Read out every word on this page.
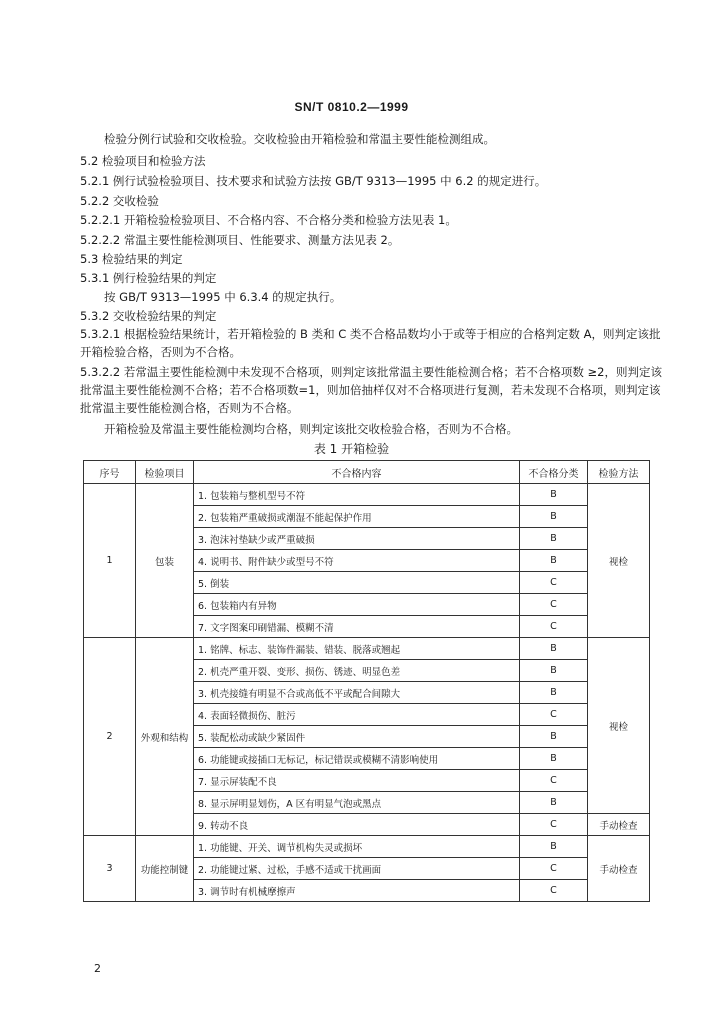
SN/T 0810.2—1999
检验分例行试验和交收检验。交收检验由开箱检验和常温主要性能检测组成。
5.2 检验项目和检验方法
5.2.1 例行试验检验项目、技术要求和试验方法按 GB/T 9313—1995 中 6.2 的规定进行。
5.2.2 交收检验
5.2.2.1 开箱检验检验项目、不合格内容、不合格分类和检验方法见表 1。
5.2.2.2 常温主要性能检测项目、性能要求、测量方法见表 2。
5.3 检验结果的判定
5.3.1 例行检验结果的判定
按 GB/T 9313—1995 中 6.3.4 的规定执行。
5.3.2 交收检验结果的判定
5.3.2.1 根据检验结果统计，若开箱检验的 B 类和 C 类不合格品数均小于或等于相应的合格判定数 A，则判定该批开箱检验合格，否则为不合格。
5.3.2.2 若常温主要性能检测中未发现不合格项，则判定该批常温主要性能检测合格；若不合格项数 ≥2，则判定该批常温主要性能检测不合格；若不合格项数=1，则加倍抽样仅对不合格项进行复测，若未发现不合格项，则判定该批常温主要性能检测合格，否则为不合格。
开箱检验及常温主要性能检测均合格，则判定该批交收检验合格，否则为不合格。
表 1 开箱检验
序号	检验项目	不合格内容	不合格分类	检验方法
1	包装	1. 包装箱与整机型号不符	B	视检
		2. 包装箱严重破损或潮湿不能起保护作用	B	
		3. 泡沫衬垫缺少或严重破损	B	
		4. 说明书、附件缺少或型号不符	B	
		5. 倒装	C	
		6. 包装箱内有异物	C	
		7. 文字图案印刷错漏、模糊不清	C	
2	外观和结构	1. 铭牌、标志、装饰件漏装、错装、脱落或翘起	B	视检
		2. 机壳严重开裂、变形、损伤、锈迹、明显色差	B	
		3. 机壳接缝有明显不合或高低不平或配合间隙大	B	
		4. 表面轻微损伤、脏污	C	
		5. 装配松动或缺少紧固件	B	
		6. 功能键或接插口无标记，标记错误或模糊不清影响使用	B	
		7. 显示屏装配不良	C	
		8. 显示屏明显划伤，A 区有明显气泡或黑点	B	
		9. 转动不良	C	手动检查
3	功能控制键	1. 功能键、开关、调节机构失灵或损坏	B	手动检查
		2. 功能键过紧、过松，手感不适或干扰画面	C	
		3. 调节时有机械摩擦声	C	
2
